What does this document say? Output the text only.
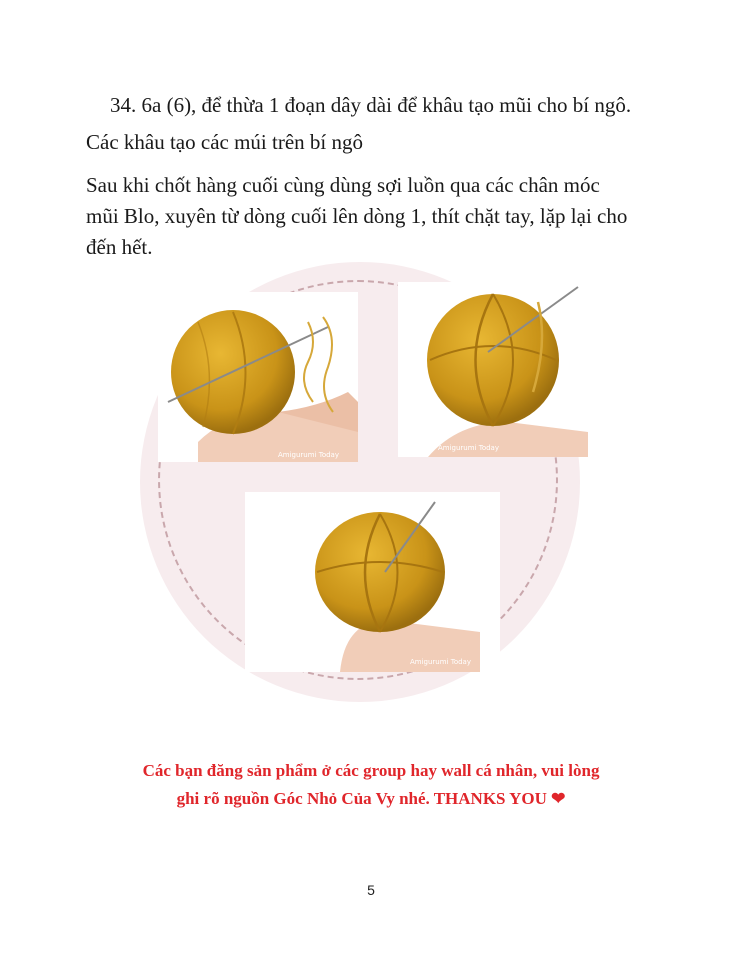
34. 6a (6), để thừa 1 đoạn dây dài để khâu tạo mũi cho bí ngô.
Các khâu tạo các múi trên bí ngô
Sau khi chốt hàng cuối cùng dùng sợi luồn qua các chân móc
mũi Blo, xuyên từ dòng cuối lên dòng 1, thít chặt tay, lặp lại cho
đến hết.
Amigurumi Today
Amigurumi Today
Amigurumi Today
Các bạn đăng sản phẩm ở các group hay wall cá nhân, vui lòng
ghi rõ nguồn Góc Nhỏ Của Vy nhé. THANKS YOU ❤
5
